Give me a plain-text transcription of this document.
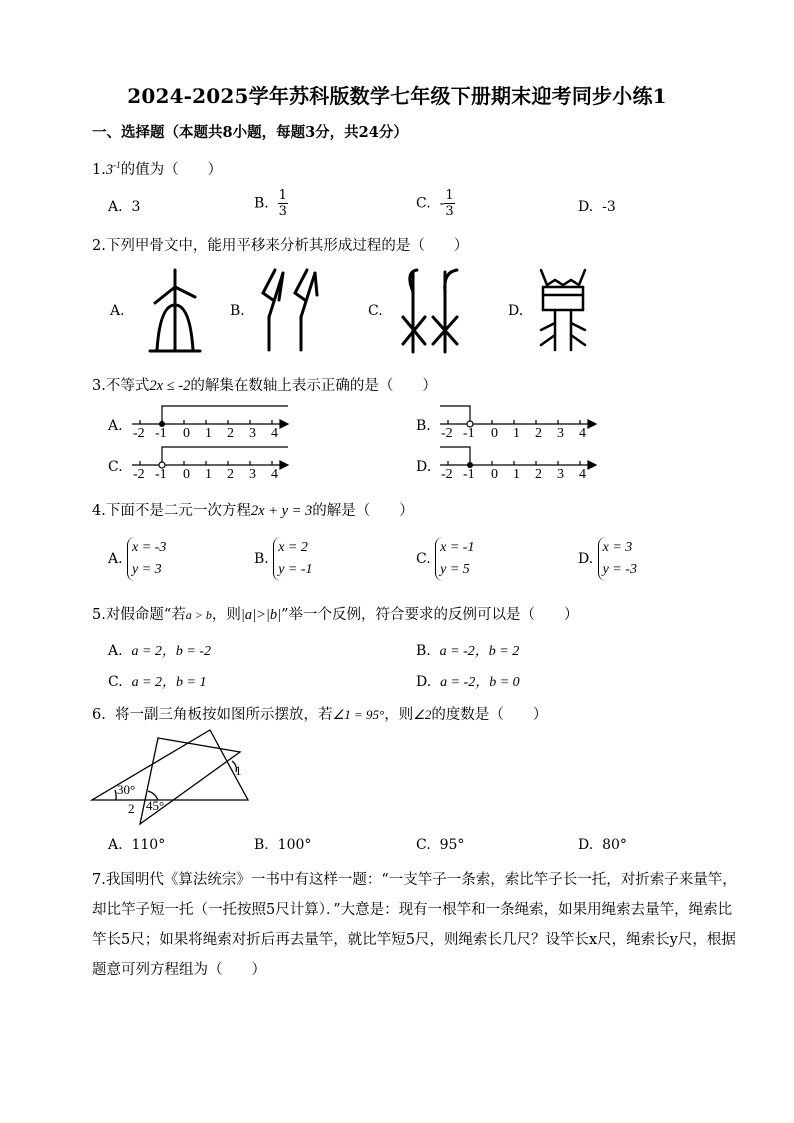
2024-2025学年苏科版数学七年级下册期末迎考同步小练1
一、选择题（本题共8小题，每题3分，共24分）
$1.3^{-1}$的值为（　　）
A. 3	B. $\frac{1}{3}$	C. - $\frac{1}{3}$	D. -3
2.下列甲骨文中，能用平移来分析其形成过程的是（　　）
A.	B.	C.	D.
3.不等式2x ≤ -2的解集在数轴上表示正确的是（　　）
A. -2 -1 0 1 2 3 4	B. -2 -1 0 1 2 3 4
C. -2 -1 0 1 2 3 4	D. -2 -1 0 1 2 3 4
4.下面不是二元一次方程2x + y = 3的解是（　　）
A.
x = -3
y = 3
B.
x = 2
y = -1
C.
x = -1
y = 5
D.
x = 3
y = -3
5.对假命题“若a > b，则|a|>|b|”举一个反例，符合要求的反例可以是（　　）
A. a = 2，b = -2	B. a = -2，b = 2
C. a = 2，b = 1	D. a = -2，b = 0
6. 将一副三角板按如图所示摆放，若∠1 = 95°，则∠2的度数是（　　）
30°
45°
1
2
A. 110°	B. 100°	C. 95°	D. 80°
7.我国明代《算法统宗》一书中有这样一题：“一支竿子一条索，索比竿子长一托，对折索子来量竿，却比竿子短一托（一托按照5尺计算）．”大意是：现有一根竿和一条绳索，如果用绳索去量竿，绳索比竿长5尺；如果将绳索对折后再去量竿，就比竿短5尺，则绳索长几尺？设竿长x尺，绳索长y尺，根据题意可列方程组为（　　）
